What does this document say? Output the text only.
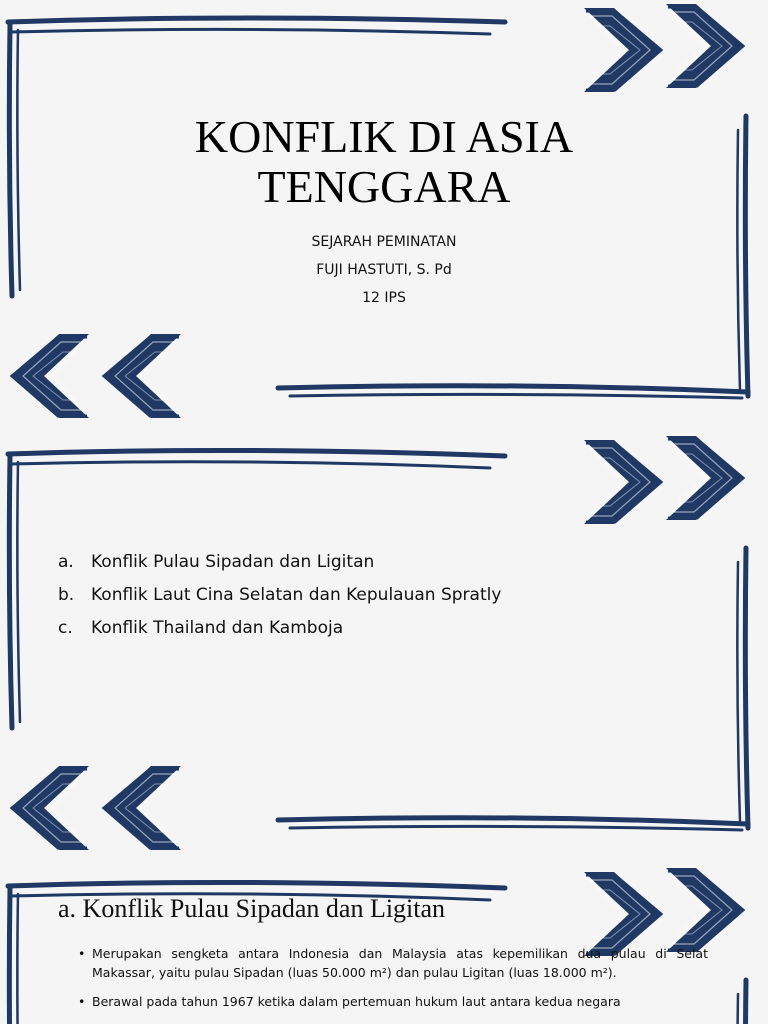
KONFLIK DI ASIA
TENGGARA
SEJARAH PEMINATAN
FUJI HASTUTI, S. Pd
12 IPS
a.	Konflik Pulau Sipadan dan Ligitan
b. Konflik Laut Cina Selatan dan Kepulauan Spratly
c.	Konflik Thailand dan Kamboja
a. Konflik Pulau Sipadan dan Ligitan
• Merupakan sengketa antara Indonesia dan Malaysia atas kepemilikan dua pulau di Selat Makassar, yaitu pulau Sipadan (luas 50.000 m²) dan pulau Ligitan (luas 18.000 m²).
• Berawal pada tahun 1967 ketika dalam pertemuan hukum laut antara kedua negara
